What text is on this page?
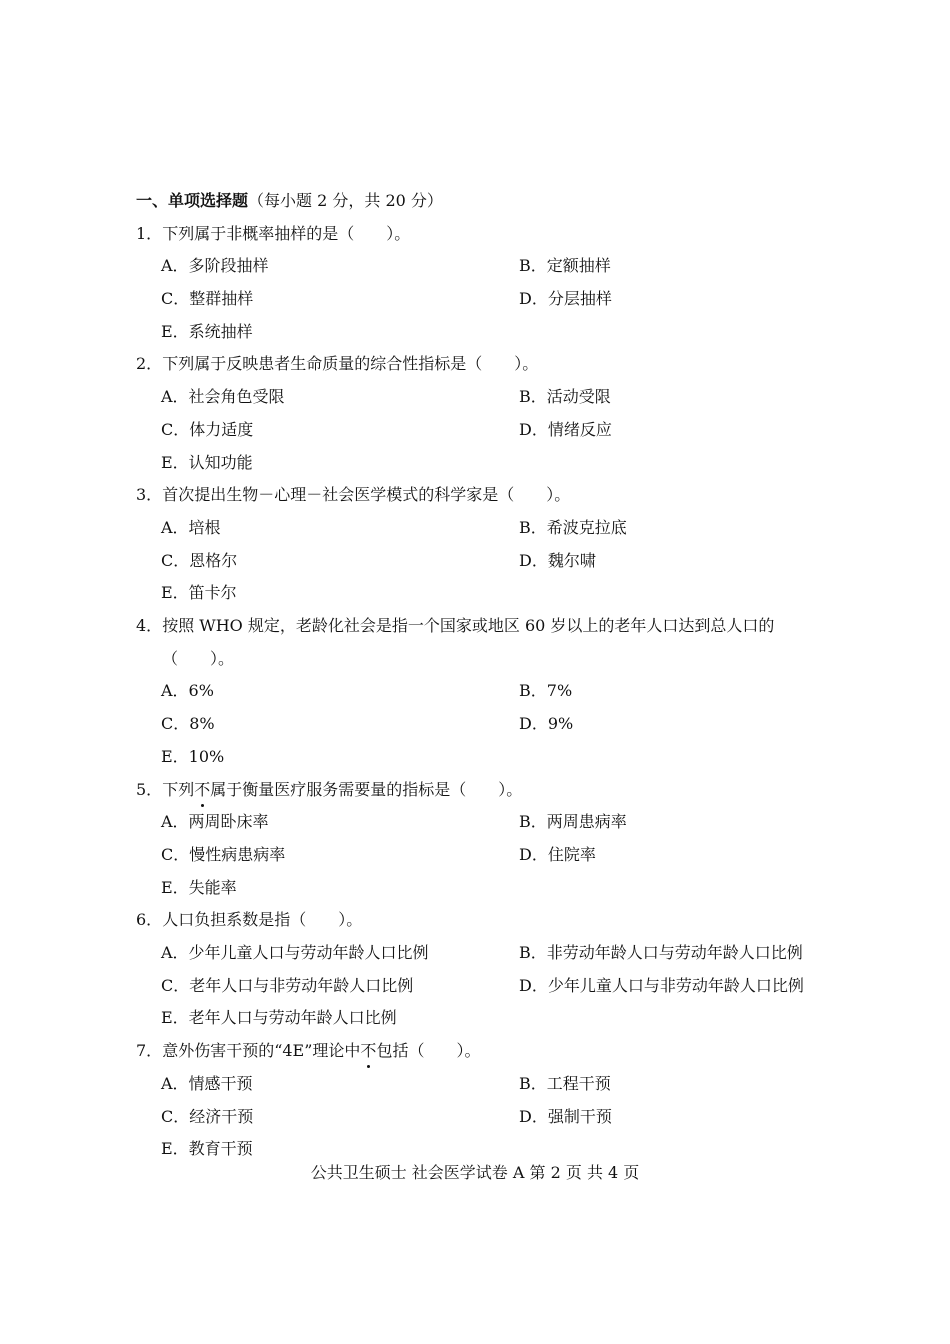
一、单项选择题（每小题 2 分，共 20 分）
1．下列属于非概率抽样的是（　　）。
A．多阶段抽样	B．定额抽样
C．整群抽样	D．分层抽样
E．系统抽样
2．下列属于反映患者生命质量的综合性指标是（　　）。
A．社会角色受限	B．活动受限
C．体力适度	D．情绪反应
E．认知功能
3．首次提出生物－心理－社会医学模式的科学家是（　　）。
A．培根	B．希波克拉底
C．恩格尔	D．魏尔啸
E．笛卡尔
4．按照 WHO 规定，老龄化社会是指一个国家或地区 60 岁以上的老年人口达到总人口的
（　　）。
A．6%	B．7%
C．8%	D．9%
E．10%
5．下列不属于衡量医疗服务需要量的指标是（　　）。
A．两周卧床率	B．两周患病率
C．慢性病患病率	D．住院率
E．失能率
6．人口负担系数是指（　　）。
A．少年儿童人口与劳动年龄人口比例	B．非劳动年龄人口与劳动年龄人口比例
C．老年人口与非劳动年龄人口比例	D．少年儿童人口与非劳动年龄人口比例
E．老年人口与劳动年龄人口比例
7．意外伤害干预的“4E”理论中不包括（　　）。
A．情感干预	B．工程干预
C．经济干预	D．强制干预
E．教育干预
公共卫生硕士 社会医学试卷 A 第 2 页 共 4 页
